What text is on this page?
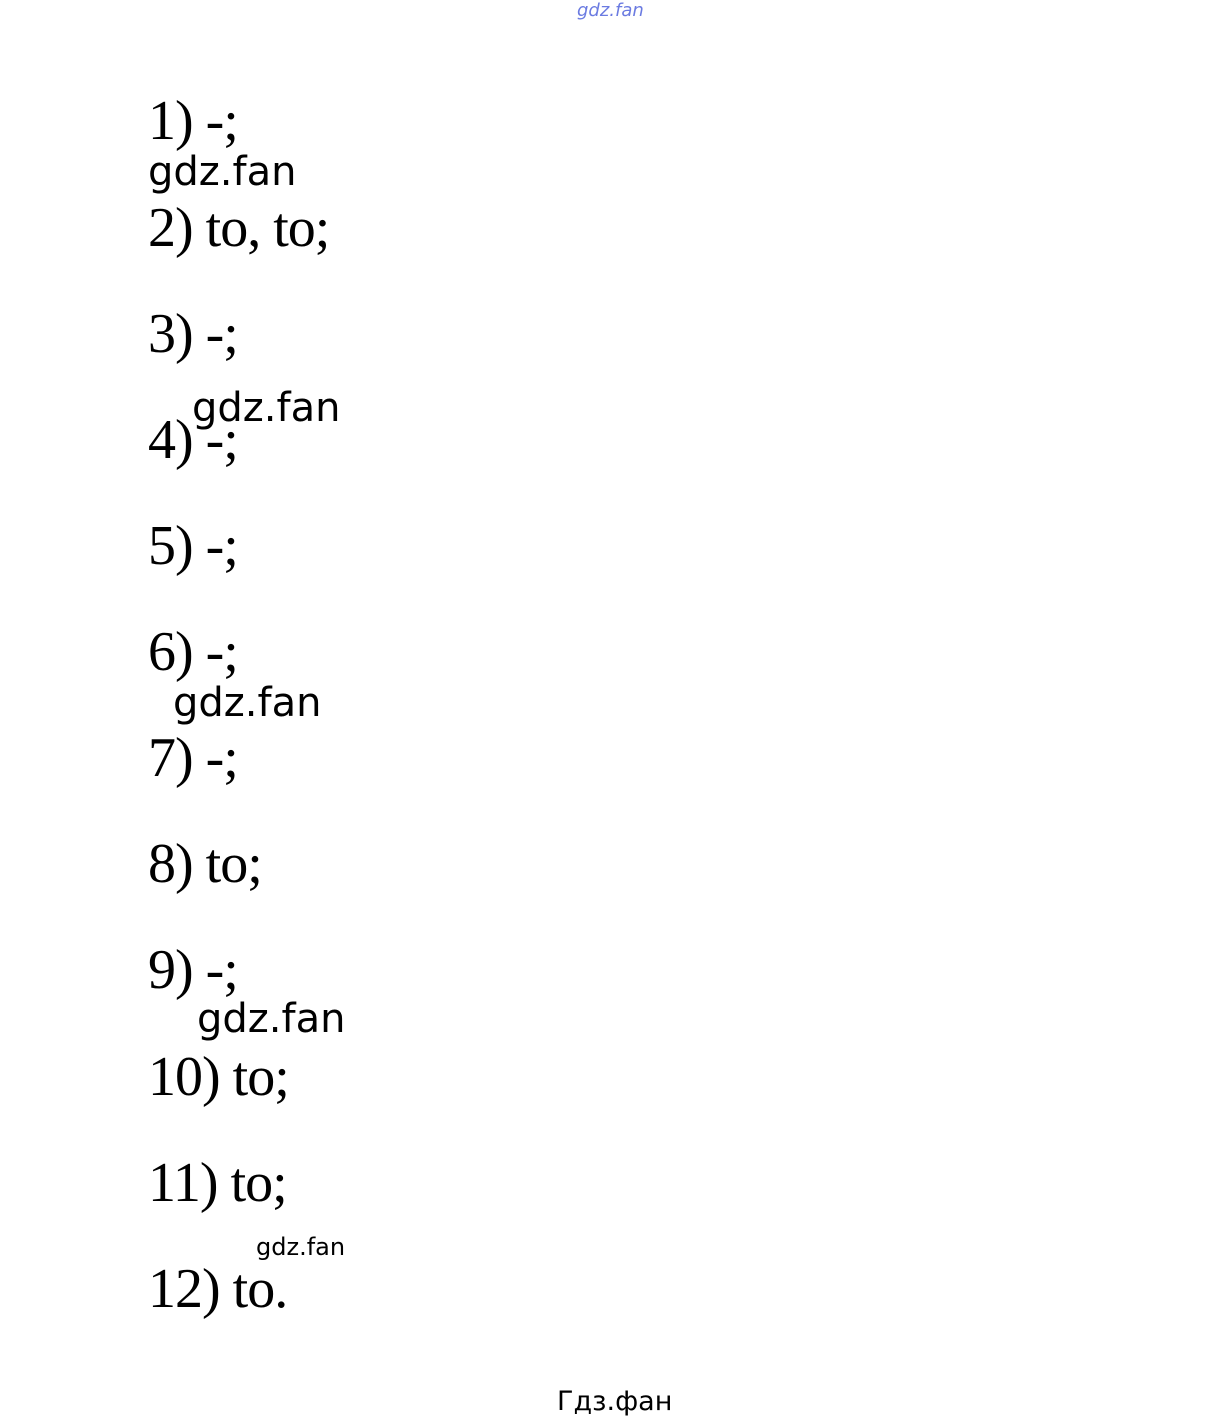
gdz.fan
1) -;
2) to, to;
3) -;
4) -;
5) -;
6) -;
7) -;
8) to;
9) -;
10) to;
11) to;
12) to.
gdz.fan
gdz.fan
gdz.fan
gdz.fan
gdz.fan
Гдз.фан
